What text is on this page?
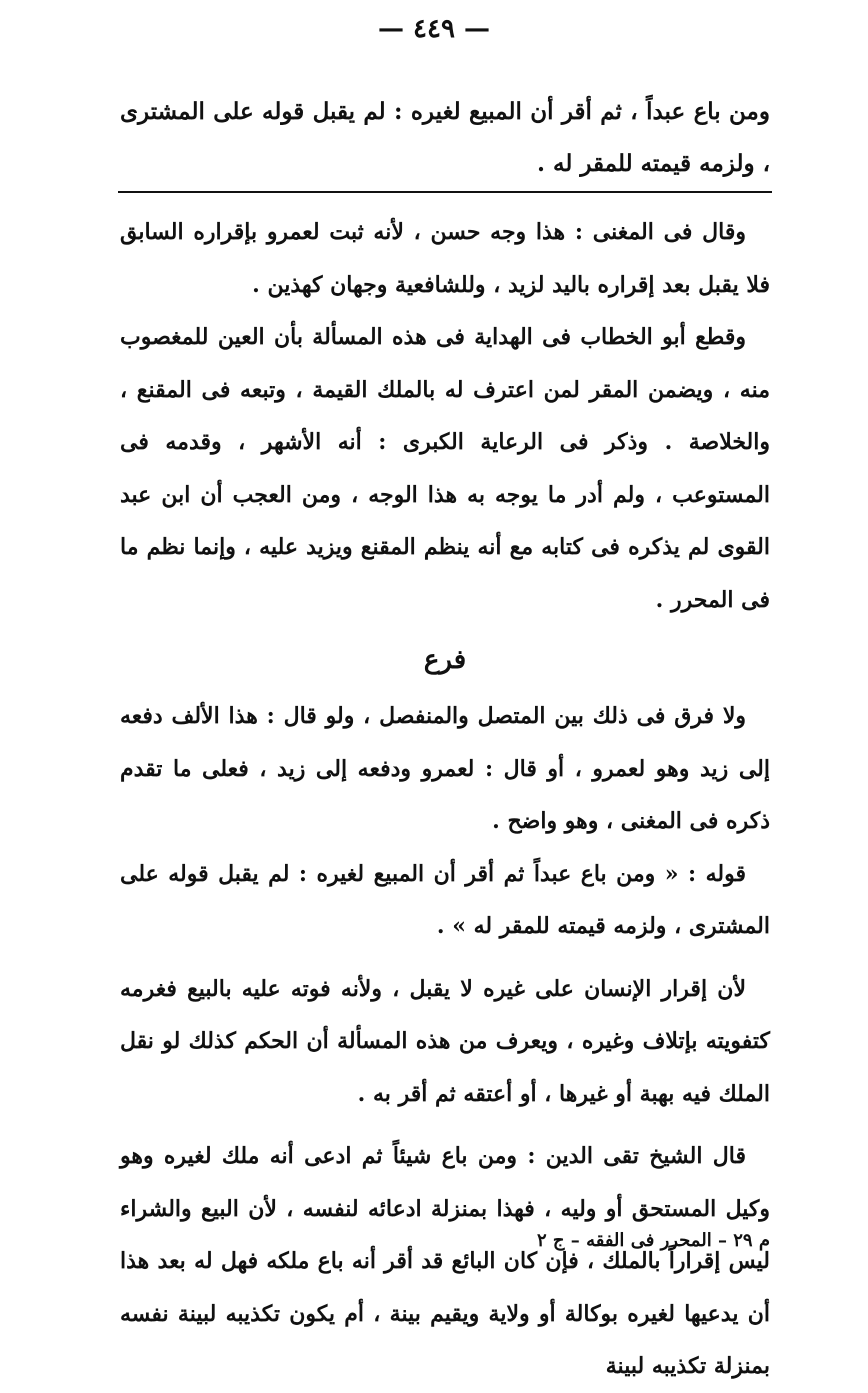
— ٤٤٩ —

ومن باع عبداً ، ثم أقر أن المبيع لغيره : لم يقبل قوله على المشترى ، ولزمه قيمته للمقر له .

وقال فى المغنى : هذا وجه حسن ، لأنه ثبت لعمرو بإقراره السابق فلا يقبل بعد إقراره باليد لزيد ، وللشافعية وجهان كهذين .

وقطع أبو الخطاب فى الهداية فى هذه المسألة بأن العين للمغصوب منه ، ويضمن المقر لمن اعترف له بالملك القيمة ، وتبعه فى المقنع ، والخلاصة . وذكر فى الرعاية الكبرى : أنه الأشهر ، وقدمه فى المستوعب ، ولم أدر ما يوجه به هذا الوجه ، ومن العجب أن ابن عبد القوى لم يذكره فى كتابه مع أنه ينظم المقنع ويزيد عليه ، وإنما نظم ما فى المحرر .

فرع

ولا فرق فى ذلك بين المتصل والمنفصل ، ولو قال : هذا الألف دفعه إلى زيد وهو لعمرو ، أو قال : لعمرو ودفعه إلى زيد ، فعلى ما تقدم ذكره فى المغنى ، وهو واضح .

قوله : « ومن باع عبداً ثم أقر أن المبيع لغيره : لم يقبل قوله على المشترى ، ولزمه قيمته للمقر له » .

لأن إقرار الإنسان على غيره لا يقبل ، ولأنه فوته عليه بالبيع فغرمه كتفويته بإتلاف وغيره ، ويعرف من هذه المسألة أن الحكم كذلك لو نقل الملك فيه بهبة أو غيرها ، أو أعتقه ثم أقر به .

قال الشيخ تقى الدين : ومن باع شيئاً ثم ادعى أنه ملك لغيره وهو وكيل المستحق أو وليه ، فهذا بمنزلة ادعائه لنفسه ، لأن البيع والشراء ليس إقراراً بالملك ، فإن كان البائع قد أقر أنه باع ملكه فهل له بعد هذا أن يدعيها لغيره بوكالة أو ولاية ويقيم بينة ، أم يكون تكذيبه لبينة نفسه بمنزلة تكذيبه لبينة

م ٢٩ – المحرر فى الفقه – ج ٢
